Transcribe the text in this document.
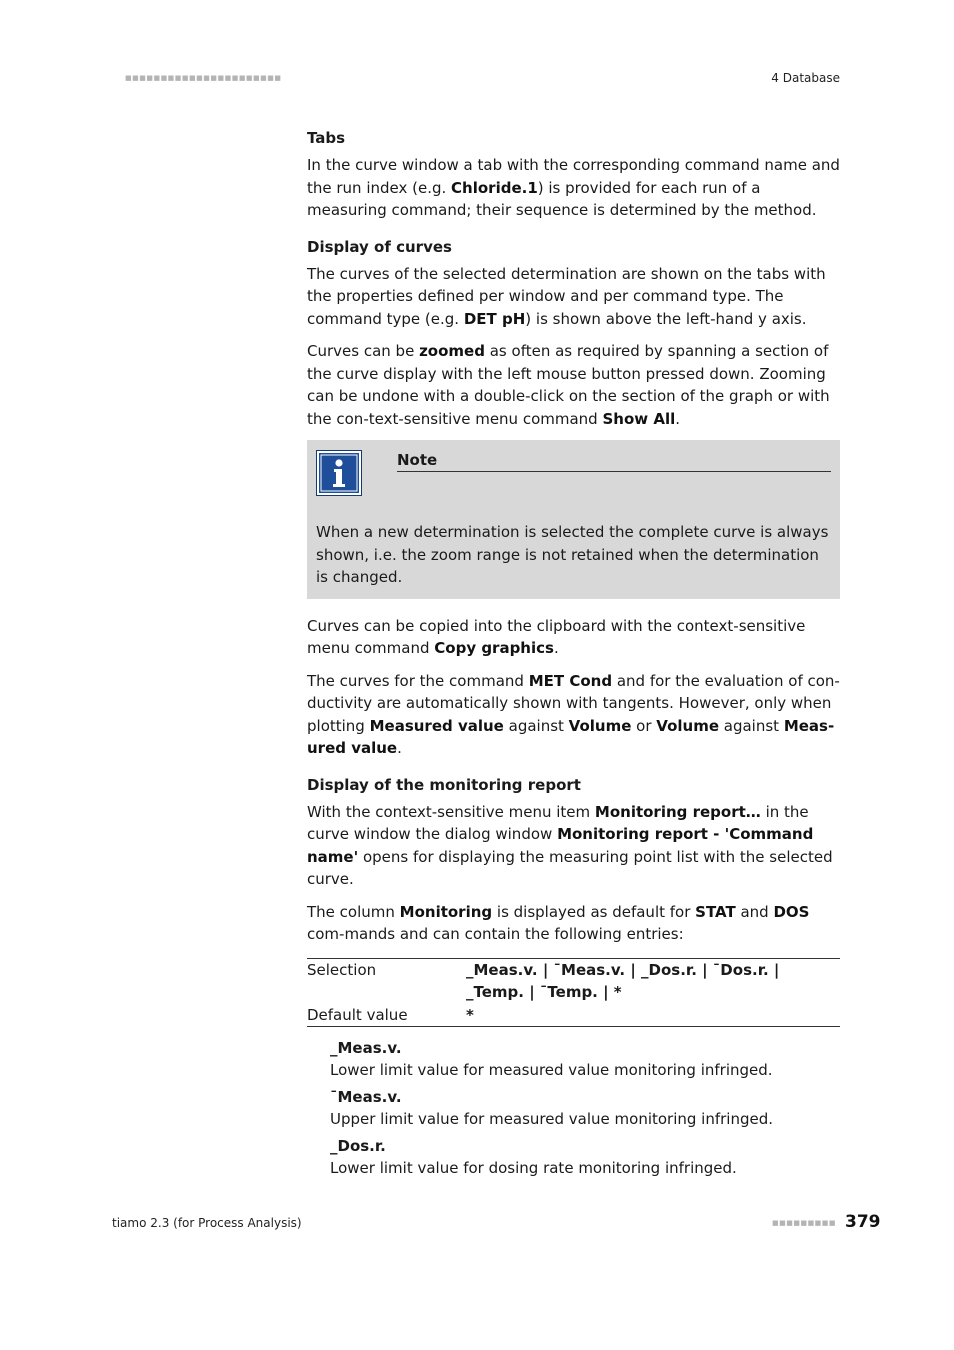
■■■■■■■■■■■■■■■■■■■■■■	4 Database
Tabs

In the curve window a tab with the corresponding command name and the run index (e.g. Chloride.1) is provided for each run of a measuring command; their sequence is determined by the method.

Display of curves

The curves of the selected determination are shown on the tabs with the properties defined per window and per command type. The command type (e.g. DET pH) is shown above the left-hand y axis.

Curves can be zoomed as often as required by spanning a section of the curve display with the left mouse button pressed down. Zooming can be undone with a double-click on the section of the graph or with the con-text-sensitive menu command Show All.

Note
When a new determination is selected the complete curve is always shown, i.e. the zoom range is not retained when the determination is changed.

Curves can be copied into the clipboard with the context-sensitive menu command Copy graphics.

The curves for the command MET Cond and for the evaluation of con-ductivity are automatically shown with tangents. However, only when plotting Measured value against Volume or Volume against Meas-ured value.

Display of the monitoring report

With the context-sensitive menu item Monitoring report… in the curve window the dialog window Monitoring report - 'Command name' opens for displaying the measuring point list with the selected curve.

The column Monitoring is displayed as default for STAT and DOS com-mands and can contain the following entries:

Selection	_Meas.v. | ¯Meas.v. | _Dos.r. | ¯Dos.r. | _Temp. | ¯Temp. | *
Default value	*
_Meas.v.
Lower limit value for measured value monitoring infringed.
¯Meas.v.
Upper limit value for measured value monitoring infringed.
_Dos.r.
Lower limit value for dosing rate monitoring infringed.
tiamo 2.3 (for Process Analysis)	■■■■■■■■■ 379
